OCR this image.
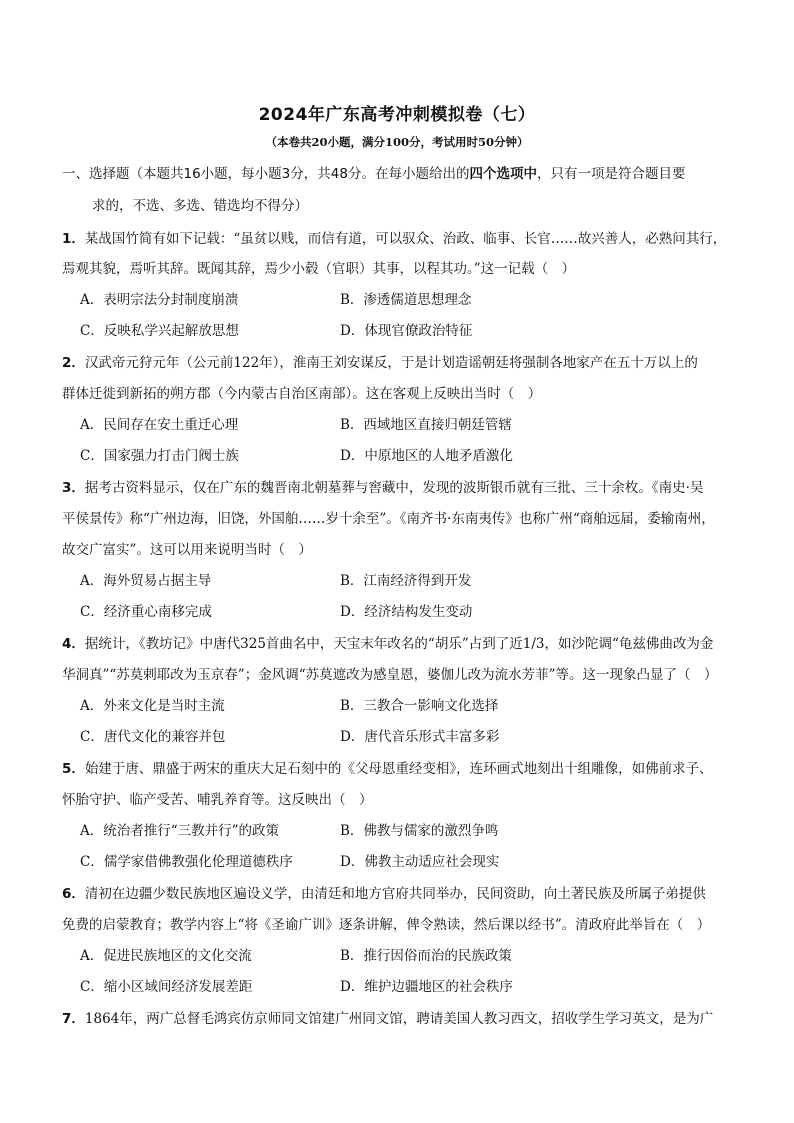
2024年广东高考冲刺模拟卷（七）
（本卷共20小题，满分100分，考试用时50分钟）
一、选择题（本题共16小题，每小题3分，共48分。在每小题给出的四个选项中，只有一项是符合题目要
求的，不选、多选、错选均不得分）
1．某战国竹简有如下记载：“虽贫以贱，而信有道，可以驭众、治政、临事、长官……故兴善人，必熟问其行，
焉观其貌，焉听其辞。既闻其辞，焉少小毂（官职）其事，以程其功。”这一记载（　）
A．表明宗法分封制度崩溃	B．渗透儒道思想理念
C．反映私学兴起解放思想	D．体现官僚政治特征
2．汉武帝元狩元年（公元前122年），淮南王刘安谋反，于是计划造谣朝廷将强制各地家产在五十万以上的
群体迁徙到新拓的朔方郡（今内蒙古自治区南部）。这在客观上反映出当时（　）
A．民间存在安土重迁心理	B．西域地区直接归朝廷管辖
C．国家强力打击门阀士族	D．中原地区的人地矛盾激化
3．据考古资料显示，仅在广东的魏晋南北朝墓葬与窖藏中，发现的波斯银币就有三批、三十余枚。《南史·吴
平侯景传》称“广州边海，旧饶，外国舶……岁十余至”。《南齐书·东南夷传》也称广州“商舶远届，委输南州，
故交广富实”。这可以用来说明当时（　）
A．海外贸易占据主导	B．江南经济得到开发
C．经济重心南移完成	D．经济结构发生变动
4．据统计，《教坊记》中唐代325首曲名中，天宝末年改名的“胡乐”占到了近1/3，如沙陀调“龟兹佛曲改为金
华洞真”“苏莫剌耶改为玉京春”；金风调“苏莫遮改为感皇恩，婆伽儿改为流水芳菲”等。这一现象凸显了（　）
A．外来文化是当时主流	B．三教合一影响文化选择
C．唐代文化的兼容并包	D．唐代音乐形式丰富多彩
5．始建于唐、鼎盛于两宋的重庆大足石刻中的《父母恩重经变相》，连环画式地刻出十组雕像，如佛前求子、
怀胎守护、临产受苦、哺乳养育等。这反映出（　）
A．统治者推行“三教并行”的政策	B．佛教与儒家的激烈争鸣
C．儒学家借佛教强化伦理道德秩序	D．佛教主动适应社会现实
6．清初在边疆少数民族地区遍设义学，由清廷和地方官府共同举办，民间资助，向土著民族及所属子弟提供
免费的启蒙教育；教学内容上“将《圣谕广训》逐条讲解，俾令熟读，然后课以经书”。清政府此举旨在（　）
A．促进民族地区的文化交流	B．推行因俗而治的民族政策
C．缩小区域间经济发展差距	D．维护边疆地区的社会秩序
7．1864年，两广总督毛鸿宾仿京师同文馆建广州同文馆，聘请美国人教习西文，招收学生学习英文，是为广
